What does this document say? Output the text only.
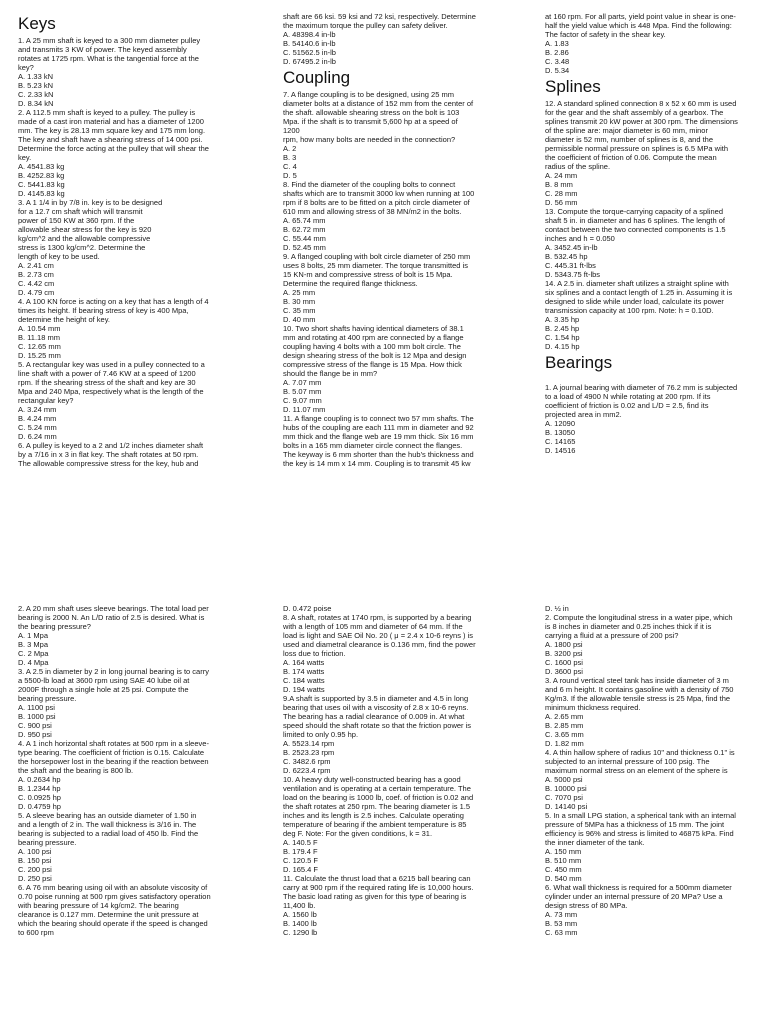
Keys
1. A 25 mm shaft is keyed to a 300 mm diameter pulley
and transmits 3 KW of power. The keyed assembly
rotates at 1725 rpm. What is the tangential force at the
key?
A. 1.33 kN
B. 5.23 kN
C. 2.33 kN
D. 8.34 kN
2. A 112.5 mm shaft is keyed to a pulley. The pulley is
made of a cast iron material and has a diameter of 1200
mm. The key is 28.13 mm square key and 175 mm long.
The key and shaft have a shearing stress of 14 000 psi.
Determine the force acting at the pulley that will shear the
key.
A. 4541.83 kg
B. 4252.83 kg
C. 5441.83 kg
D. 4145.83 kg
3. A 1 1/4 in by 7/8 in. key is to be designed
for a 12.7 cm shaft which will transmit
power of 150 KW at 360 rpm. If the
allowable shear stress for the key is 920
kg/cm^2 and the allowable compressive
stress is 1300 kg/cm^2. Determine the
length of key to be used.
A. 2.41 cm
B. 2.73 cm
C. 4.42 cm
D. 4.79 cm
4. A 100 KN force is acting on a key that has a length of 4
times its height. If bearing stress of key is 400 Mpa,
determine the height of key.
A. 10.54 mm
B. 11.18 mm
C. 12.65 mm
D. 15.25 mm
5. A rectangular key was used in a pulley connected to a
line shaft with a power of 7.46 KW at a speed of 1200
rpm. If the shearing stress of the shaft and key are 30
Mpa and 240 Mpa, respectively what is the length of the
rectangular key?
A. 3.24 mm
B. 4.24 mm
C. 5.24 mm
D. 6.24 mm
6. A pulley is keyed to a 2 and 1/2 inches diameter shaft
by a 7/16 in x 3 in flat key. The shaft rotates at 50 rpm.
The allowable compressive stress for the key, hub and
shaft are 66 ksi. 59 ksi and 72 ksi, respectively. Determine
the maximum torque the pulley can safety deliver.
A. 48398.4 in-lb
B. 54140.6 in-lb
C. 51562.5 in-lb
D. 67495.2 in-lb
Coupling
7. A flange coupling is to be designed, using 25 mm
diameter bolts at a distance of 152 mm from the center of
the shaft. allowable shearing stress on the bolt is 103
Mpa. if the shaft is to transmit 5,600 hp at a speed of
1200
rpm, how many bolts are needed in the connection?
A. 2
B. 3
C. 4
D. 5
8. Find the diameter of the coupling bolts to connect
shafts which are to transmit 3000 kw when running at 100
rpm if 8 bolts are to be fitted on a pitch circle diameter of
610 mm and allowing stress of 38 MN/m2 in the bolts.
A. 65.74 mm
B. 62.72 mm
C. 55.44 mm
D. 52.45 mm
9. A flanged coupling with bolt circle diameter of 250 mm
uses 8 bolts, 25 mm diameter. The torque transmitted is
15 KN-m and compressive stress of bolt is 15 Mpa.
Determine the required flange thickness.
A. 25 mm
B. 30 mm
C. 35 mm
D. 40 mm
10. Two short shafts having identical diameters of 38.1
mm and rotating at 400 rpm are connected by a flange
coupling having 4 bolts with a 100 mm bolt circle. The
design shearing stress of the bolt is 12 Mpa and design
compressive stress of the flange is 15 Mpa. How thick
should the flange be in mm?
A. 7.07 mm
B. 5.07 mm
C. 9.07 mm
D. 11.07 mm
11. A flange coupling is to connect two 57 mm shafts. The
hubs of the coupling are each 111 mm in diameter and 92
mm thick and the flange web are 19 mm thick. Six 16 mm
bolts in a 165 mm diameter circle connect the flanges.
The keyway is 6 mm shorter than the hub's thickness and
the key is 14 mm x 14 mm. Coupling is to transmit 45 kw
at 160 rpm. For all parts, yield point value in shear is one-
half the yield value which is 448 Mpa. Find the following:
The factor of safety in the shear key.
A. 1.83
B. 2.86
C. 3.48
D. 5.34
Splines
12. A standard splined connection 8 x 52 x 60 mm is used
for the gear and the shaft assembly of a gearbox. The
splines transmit 20 kW power at 300 rpm. The dimensions
of the spline are: major diameter is 60 mm, minor
diameter is 52 mm, number of splines is 8, and the
permissible normal pressure on splines is 6.5 MPa with
the coefficient of friction of 0.06. Compute the mean
radius of the spline.
A. 24 mm
B. 8 mm
C. 28 mm
D. 56 mm
13. Compute the torque-carrying capacity of a splined
shaft 5 in. in diameter and has 6 splines. The length of
contact between the two connected components is 1.5
inches and h = 0.050
A. 3452.45 in-lb
B. 532.45 hp
C. 445.31 ft-lbs
D. 5343.75 ft-lbs
14. A 2.5 in. diameter shaft utilizes a straight spline with
six splines and a contact length of 1.25 in. Assuming it is
designed to slide while under load, calculate its power
transmission capacity at 100 rpm. Note: h = 0.10D.
A. 3.35 hp
B. 2.45 hp
C. 1.54 hp
D. 4.15 hp
Bearings
1. A journal bearing with diameter of 76.2 mm is subjected
to a load of 4900 N while rotating at 200 rpm. If its
coefficient of friction is 0.02 and L/D = 2.5, find its
projected area in mm2.
A. 12090
B. 13050
C. 14165
D. 14516
2. A 20 mm shaft uses sleeve bearings. The total load per
bearing is 2000 N. An L/D ratio of 2.5 is desired. What is
the bearing pressure?
A. 1 Mpa
B. 3 Mpa
C. 2 Mpa
D. 4 Mpa
3. A 2.5 in diameter by 2 in long journal bearing is to carry
a 5500-lb load at 3600 rpm using SAE 40 lube oil at
2000F through a single hole at 25 psi. Compute the
bearing pressure.
A. 1100 psi
B. 1000 psi
C. 900 psi
D. 950 psi
4. A 1 inch horizontal shaft rotates at 500 rpm in a sleeve-
type bearing. The coefficient of friction is 0.15. Calculate
the horsepower lost in the bearing if the reaction between
the shaft and the bearing is 800 lb.
A. 0.2634 hp
B. 1.2344 hp
C. 0.0925 hp
D. 0.4759 hp
5. A sleeve bearing has an outside diameter of 1.50 in
and a length of 2 in. The wall thickness is 3/16 in. The
bearing is subjected to a radial load of 450 lb. Find the
bearing pressure.
A. 100 psi
B. 150 psi
C. 200 psi
D. 250 psi
6. A 76 mm bearing using oil with an absolute viscosity of
0.70 poise running at 500 rpm gives satisfactory operation
with bearing pressure of 14 kg/cm2. The bearing
clearance is 0.127 mm. Determine the unit pressure at
which the bearing should operate if the speed is changed
to 600 rpm
D. 0.472 poise
8. A shaft, rotates at 1740 rpm, is supported by a bearing
with a length of 105 mm and diameter of 64 mm. If the
load is light and SAE Oil No. 20 ( μ = 2.4 x 10-6 reyns ) is
used and diametral clearance is 0.136 mm, find the power
loss due to friction.
A. 164 watts
B. 174 watts
C. 184 watts
D. 194 watts
9.A shaft is supported by 3.5 in diameter and 4.5 in long
bearing that uses oil with a viscosity of 2.8 x 10-6 reyns.
The bearing has a radial clearance of 0.009 in. At what
speed should the shaft rotate so that the friction power is
limited to only 0.95 hp.
A. 5523.14 rpm
B. 2523.23 rpm
C. 3482.6 rpm
D. 6223.4 rpm
10. A heavy duty well-constructed bearing has a good
ventilation and is operating at a certain temperature. The
load on the bearing is 1000 lb, coef. of friction is 0.02 and
the shaft rotates at 250 rpm. The bearing diameter is 1.5
inches and its length is 2.5 inches. Calculate operating
temperature of bearing if the ambient temperature is 85
deg F. Note: For the given conditions, k = 31.
A. 140.5 F
B. 179.4 F
C. 120.5 F
D. 165.4 F
11. Calculate the thrust load that a 6215 ball bearing can
carry at 900 rpm if the required rating life is 10,000 hours.
The basic load rating as given for this type of bearing is
11,400 lb.
A. 1560 lb
B. 1400 lb
C. 1290 lb
D. ½ in
2. Compute the longitudinal stress in a water pipe, which
is 8 inches in diameter and 0.25 inches thick if it is
carrying a fluid at a pressure of 200 psi?
A. 1800 psi
B. 3200 psi
C. 1600 psi
D. 3600 psi
3. A round vertical steel tank has inside diameter of 3 m
and 6 m height. It contains gasoline with a density of 750
Kg/m3. If the allowable tensile stress is 25 Mpa, find the
minimum thickness required.
A. 2.65 mm
B. 2.85 mm
C. 3.65 mm
D. 1.82 mm
4. A thin hallow sphere of radius 10" and thickness 0.1" is
subjected to an internal pressure of 100 psig. The
maximum normal stress on an element of the sphere is
A. 5000 psi
B. 10000 psi
C. 7070 psi
D. 14140 psi
5. In a small LPG station, a spherical tank with an internal
pressure of 5MPa has a thickness of 15 mm. The joint
efficiency is 96% and stress is limited to 46875 kPa. Find
the inner diameter of the tank.
A. 150 mm
B. 510 mm
C. 450 mm
D. 540 mm
6. What wall thickness is required for a 500mm diameter
cylinder under an internal pressure of 20 MPa? Use a
design stress of 80 MPa.
A. 73 mm
B. 53 mm
C. 63 mm
